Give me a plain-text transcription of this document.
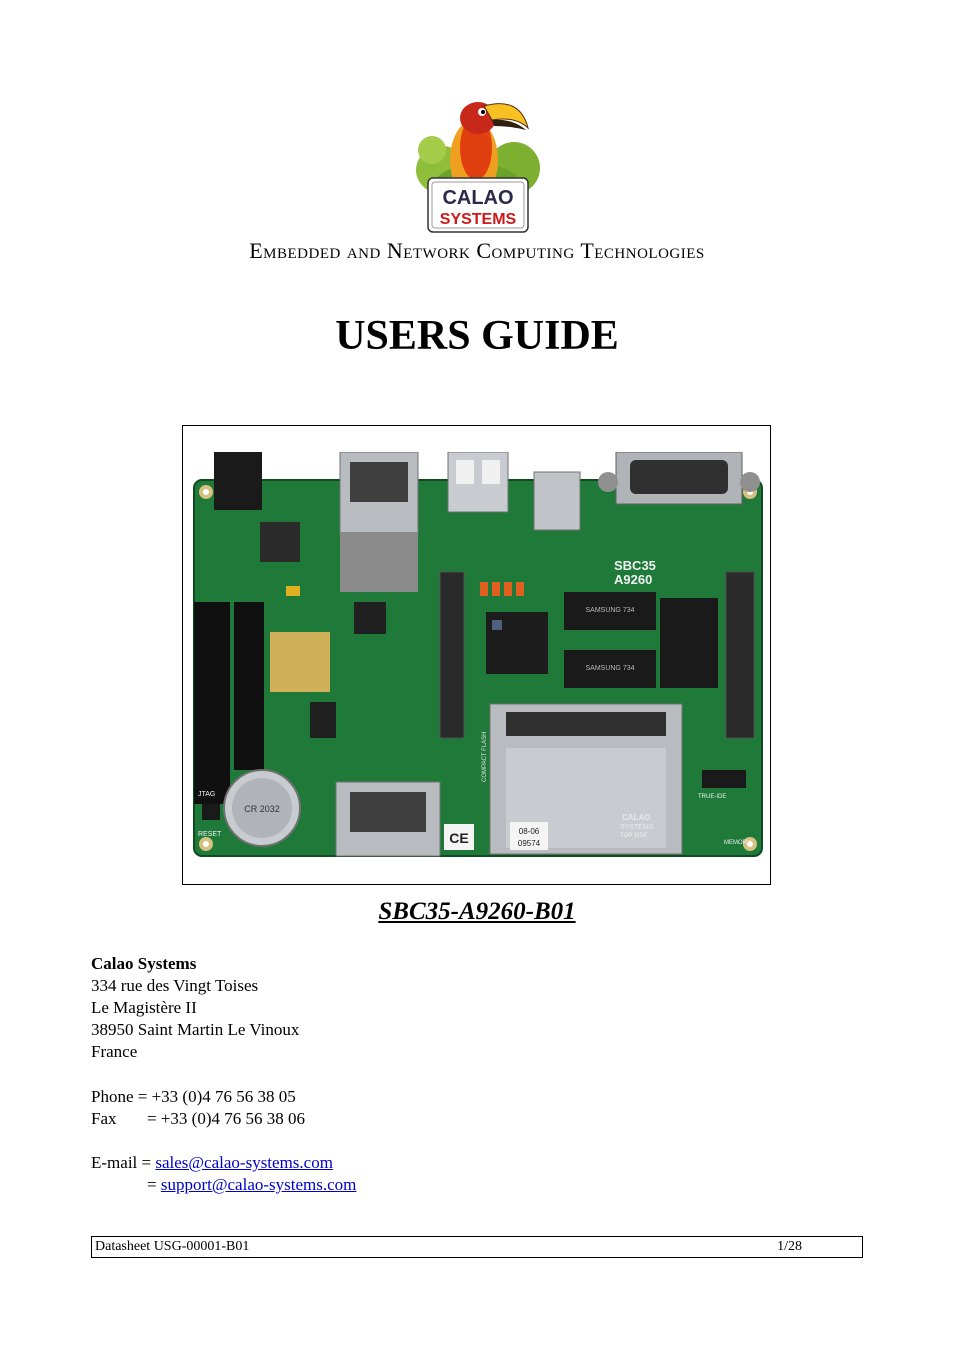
CALAO
SYSTEMS
Embedded and Network Computing Technologies
USERS GUIDE
SAMSUNG 734
SAMSUNG 734
SBC35
A9260
COMPACT FLASH
CR 2032
RESET
JTAG	TRUE-IDE
MEMORY
CE	08-06
09574
TOP SIDE
CALAO
SYSTEMS
SBC35-A9260-B01
Calao Systems
334 rue des Vingt Toises
Le Magistère II
38950 Saint Martin Le Vinoux
France
Phone = +33 (0)4 76 56 38 05
Fax = +33 (0)4 76 56 38 06
E-mail = sales@calao-systems.com
= support@calao-systems.com
Datasheet USG-00001-B01	1/28
